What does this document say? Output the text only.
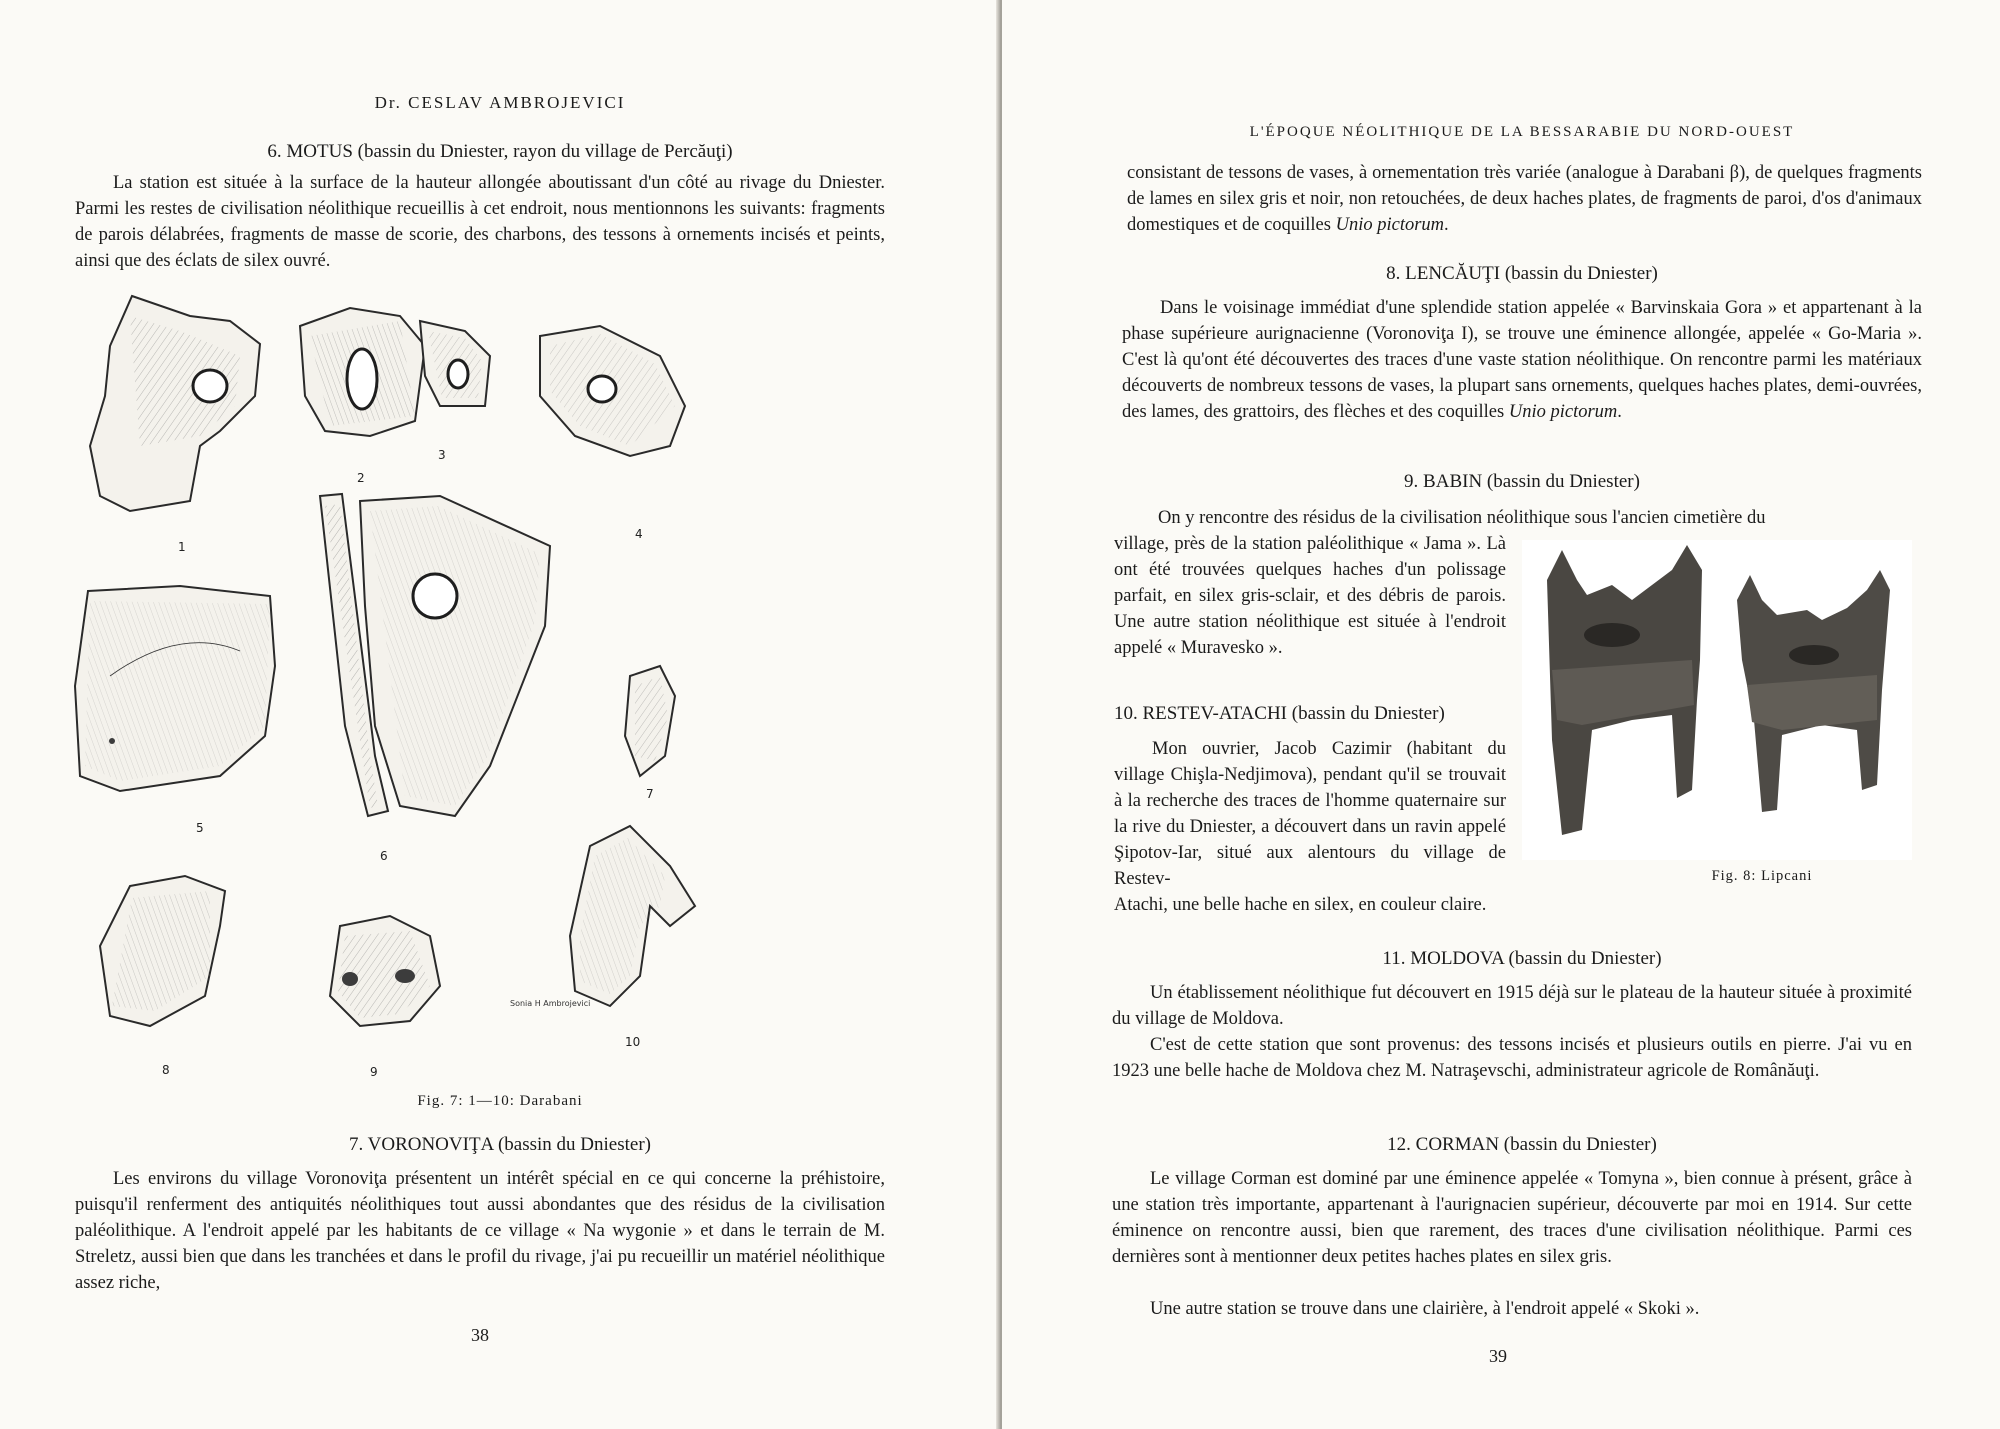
Dr. CESLAV AMBROJEVICI
6. MOTUS (bassin du Dniester, rayon du village de Percăuţi)

La station est située à la surface de la hauteur allongée aboutissant d'un côté au rivage du Dniester. Parmi les restes de civilisation néolithique recueillis à cet endroit, nous mentionnons les suivants: fragments de parois délabrées, fragments de masse de scorie, des charbons, des tessons à ornements incisés et peints, ainsi que des éclats de silex ouvré.

1
2
3
4
5
6
7
8	9
10
Sonia H Ambrojevici
Fig. 7: 1—10: Darabani
7. VORONOVIŢA (bassin du Dniester)

Les environs du village Voronoviţa présentent un intérêt spécial en ce qui concerne la préhistoire, puisqu'il renferment des antiquités néolithiques tout aussi abondantes que des résidus de la civilisation paléolithique. A l'endroit appelé par les habitants de ce village « Na wygonie » et dans le terrain de M. Streletz, aussi bien que dans les tranchées et dans le profil du rivage, j'ai pu recueillir un matériel néolithique assez riche,

38
L'ÉPOQUE NÉOLITHIQUE DE LA BESSARABIE DU NORD-OUEST

consistant de tessons de vases, à ornementation très variée (analogue à Darabani β), de quelques fragments de lames en silex gris et noir, non retouchées, de deux haches plates, de fragments de paroi, d'os d'animaux domestiques et de coquilles Unio pictorum.

8. LENCĂUŢI (bassin du Dniester)

Dans le voisinage immédiat d'une splendide station appelée « Barvinskaia Gora » et appartenant à la phase supérieure aurignacienne (Voronoviţa I), se trouve une éminence allongée, appelée « Go-Maria ». C'est là qu'ont été découvertes des traces d'une vaste station néolithique. On rencontre parmi les matériaux découverts de nombreux tessons de vases, la plupart sans ornements, quelques haches plates, demi-ouvrées, des lames, des grattoirs, des flèches et des coquilles Unio pictorum.

9. BABIN (bassin du Dniester)

On y rencontre des résidus de la civilisation néolithique sous l'ancien cimetière du

village, près de la station paléolithique « Jama ». Là ont été trouvées quelques haches d'un polissage parfait, en silex gris-sclair, et des débris de parois. Une autre station néolithique est située à l'endroit appelé « Muravesko ».

10. RESTEV-ATACHI (bassin du Dniester)

Mon ouvrier, Jacob Cazimir (habitant du village Chişla-Nedjimova), pendant qu'il se trouvait à la recherche des traces de l'homme quaternaire sur la rive du Dniester, a découvert dans un ravin appelé Şipotov-Iar, situé aux alentours du village de Restev-

Atachi, une belle hache en silex, en couleur claire.

1
2
Fig. 8: Lipcani
11. MOLDOVA (bassin du Dniester)

Un établissement néolithique fut découvert en 1915 déjà sur le plateau de la hauteur située à proximité du village de Moldova.

C'est de cette station que sont provenus: des tessons incisés et plusieurs outils en pierre. J'ai vu en 1923 une belle hache de Moldova chez M. Natraşevschi, administrateur agricole de Românăuţi.

12. CORMAN (bassin du Dniester)

Le village Corman est dominé par une éminence appelée « Tomyna », bien connue à présent, grâce à une station très importante, appartenant à l'aurignacien supérieur, découverte par moi en 1914. Sur cette éminence on rencontre aussi, bien que rarement, des traces d'une civilisation néolithique. Parmi ces dernières sont à mentionner deux petites haches plates en silex gris.

Une autre station se trouve dans une clairière, à l'endroit appelé « Skoki ».

39
